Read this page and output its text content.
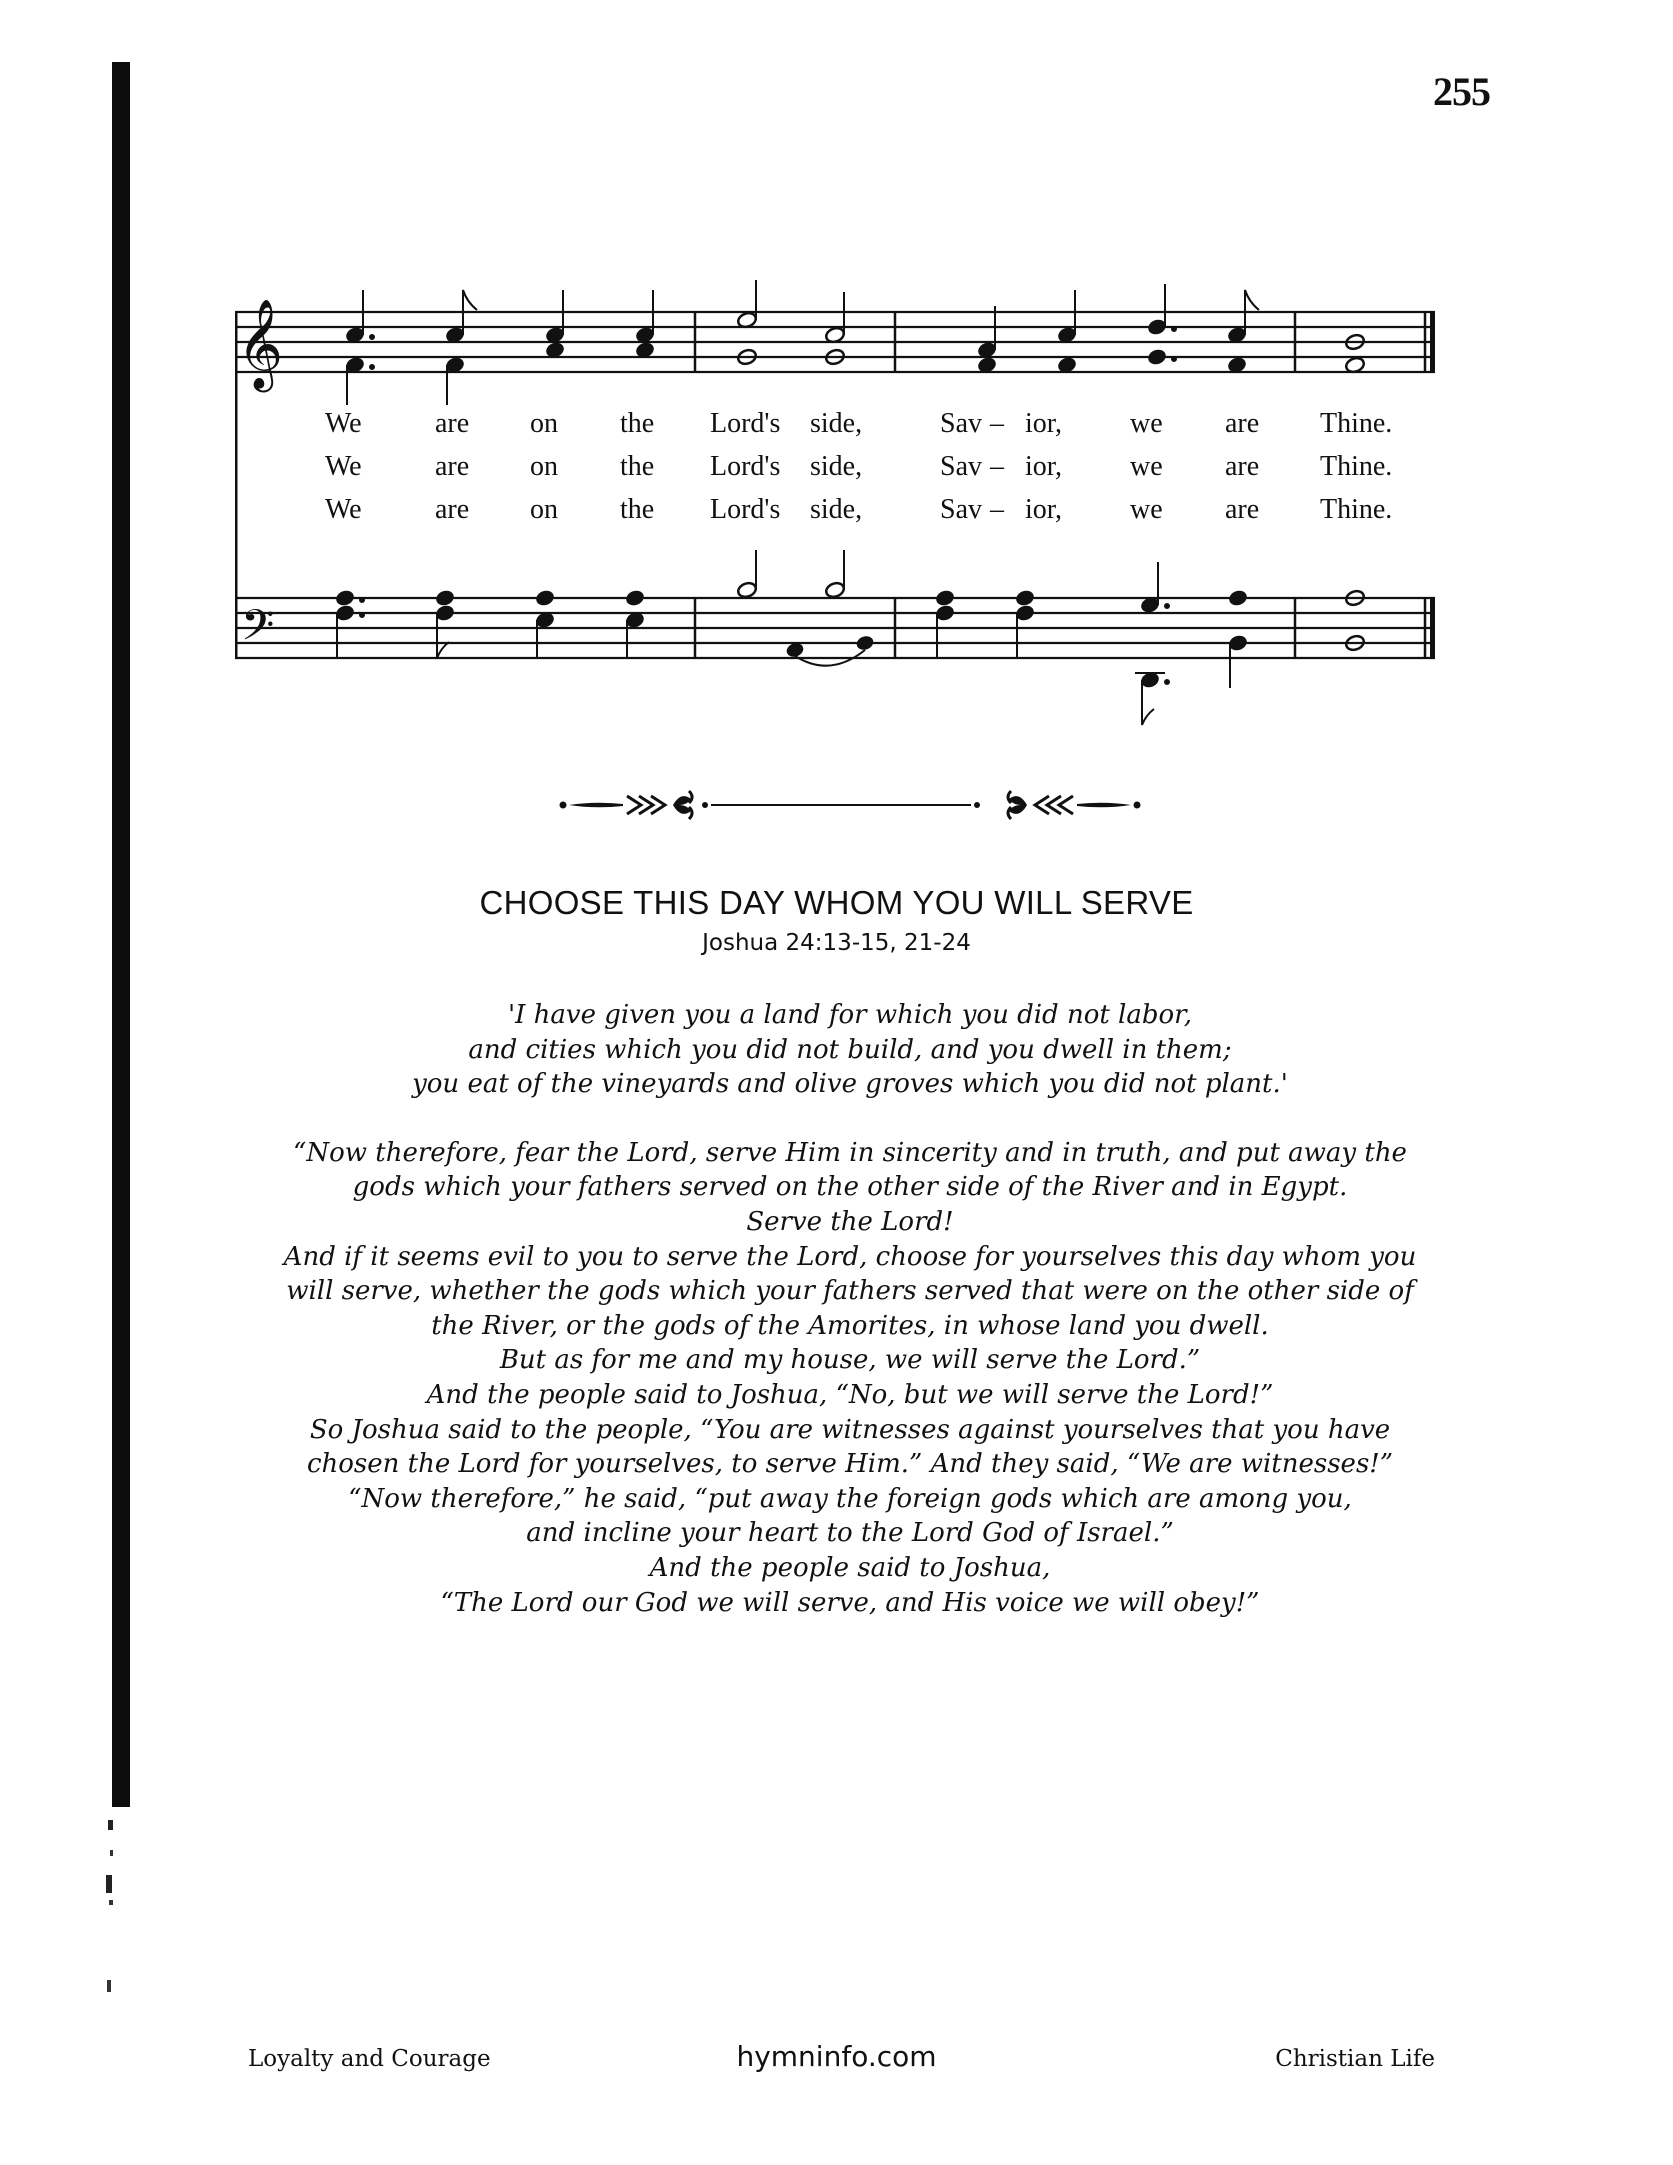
255
𝄞
𝄢
We	are on the Lord's side,	Sav – ior, we are Thine.
We	are on the Lord's side,	Sav – ior, we are Thine.
We	are on the Lord's side,	Sav – ior, we are Thine.
CHOOSE THIS DAY WHOM YOU WILL SERVE
Joshua 24:13-15, 21-24

'I have given you a land for which you did not labor,

and cities which you did not build, and you dwell in them;

you eat of the vineyards and olive groves which you did not plant.'

“Now therefore, fear the Lord, serve Him in sincerity and in truth, and put away the

gods which your fathers served on the other side of the River and in Egypt.

Serve the Lord!

And if it seems evil to you to serve the Lord, choose for yourselves this day whom you

will serve, whether the gods which your fathers served that were on the other side of

the River, or the gods of the Amorites, in whose land you dwell.

But as for me and my house, we will serve the Lord.”

And the people said to Joshua, “No, but we will serve the Lord!”

So Joshua said to the people, “You are witnesses against yourselves that you have

chosen the Lord for yourselves, to serve Him.” And they said, “We are witnesses!”

“Now therefore,” he said, “put away the foreign gods which are among you,

and incline your heart to the Lord God of Israel.”

And the people said to Joshua,

“The Lord our God we will serve, and His voice we will obey!”

Loyalty and Courage	hymninfo.com	Christian Life
